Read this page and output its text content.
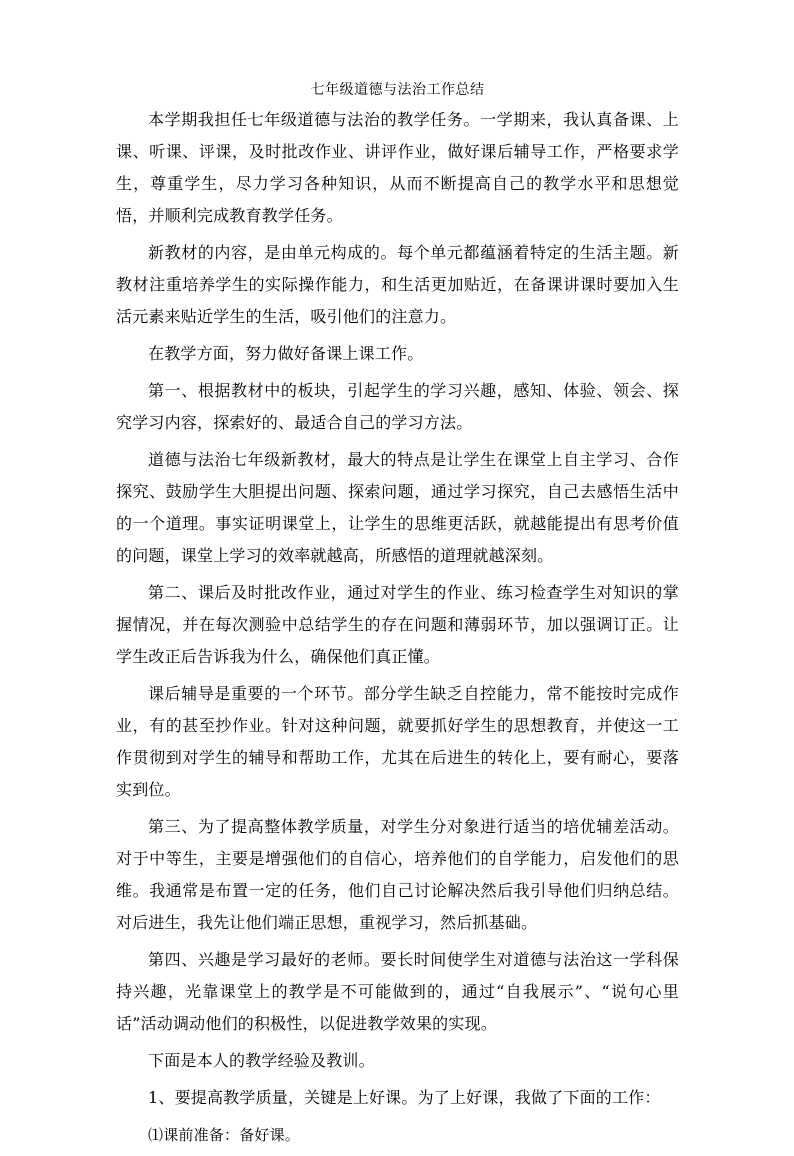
七年级道德与法治工作总结

本学期我担任七年级道德与法治的教学任务。一学期来，我认真备课、上课、听课、评课，及时批改作业、讲评作业，做好课后辅导工作，严格要求学生，尊重学生，尽力学习各种知识，从而不断提高自己的教学水平和思想觉悟，并顺利完成教育教学任务。

新教材的内容，是由单元构成的。每个单元都蕴涵着特定的生活主题。新教材注重培养学生的实际操作能力，和生活更加贴近，在备课讲课时要加入生活元素来贴近学生的生活，吸引他们的注意力。

在教学方面，努力做好备课上课工作。

第一、根据教材中的板块，引起学生的学习兴趣，感知、体验、领会、探究学习内容，探索好的、最适合自己的学习方法。

道德与法治七年级新教材，最大的特点是让学生在课堂上自主学习、合作探究、鼓励学生大胆提出问题、探索问题，通过学习探究，自己去感悟生活中的一个道理。事实证明课堂上，让学生的思维更活跃，就越能提出有思考价值的问题，课堂上学习的效率就越高，所感悟的道理就越深刻。

第二、课后及时批改作业，通过对学生的作业、练习检查学生对知识的掌握情况，并在每次测验中总结学生的存在问题和薄弱环节，加以强调订正。让学生改正后告诉我为什么，确保他们真正懂。

课后辅导是重要的一个环节。部分学生缺乏自控能力，常不能按时完成作业，有的甚至抄作业。针对这种问题，就要抓好学生的思想教育，并使这一工作贯彻到对学生的辅导和帮助工作，尤其在后进生的转化上，要有耐心，要落实到位。

第三、为了提高整体教学质量，对学生分对象进行适当的培优辅差活动。对于中等生，主要是增强他们的自信心，培养他们的自学能力，启发他们的思维。我通常是布置一定的任务，他们自己讨论解决然后我引导他们归纳总结。对后进生，我先让他们端正思想，重视学习，然后抓基础。

第四、兴趣是学习最好的老师。要长时间使学生对道德与法治这一学科保持兴趣，光靠课堂上的教学是不可能做到的，通过“自我展示”、“说句心里话”活动调动他们的积极性，以促进教学效果的实现。

下面是本人的教学经验及教训。

1、要提高教学质量，关键是上好课。为了上好课，我做了下面的工作：

⑴课前准备：备好课。
